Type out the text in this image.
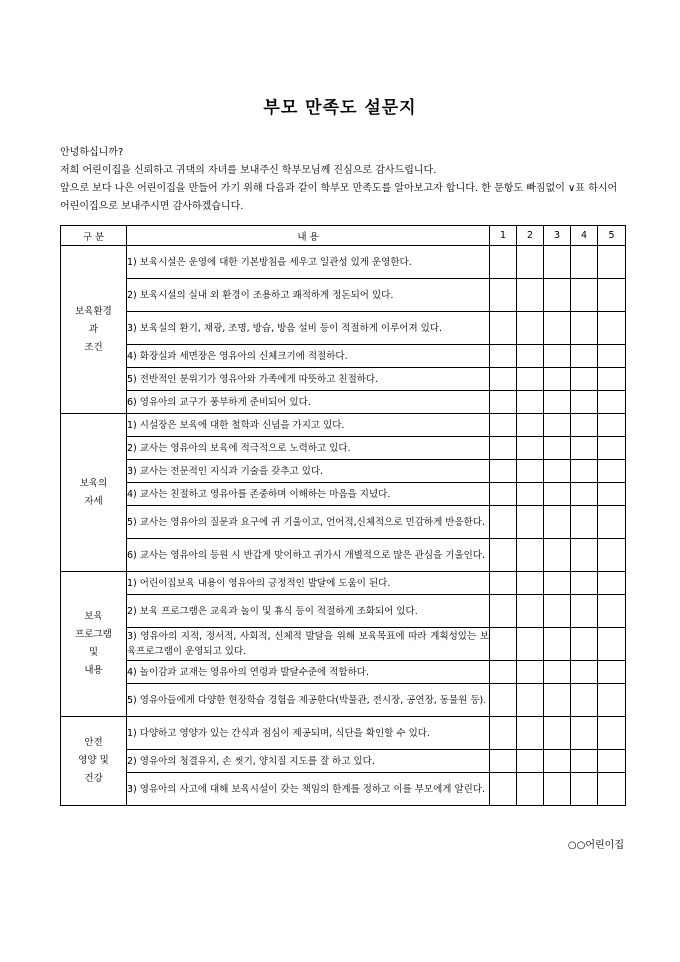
부모 만족도 설문지

안녕하십니까?

저희 어린이집을 신뢰하고 귀댁의 자녀를 보내주신 학부모님께 진심으로 감사드립니다.

앞으로 보다 나은 어린이집을 만들어 가기 위해 다음과 같이 학부모 만족도를 알아보고자 합니다. 한 문항도 빠짐없이 ∨표 하시어 어린이집으로 보내주시면 감사하겠습니다.

구 분	내 용	1	2	3	4	5
보육환경
과
조건	1) 보육시설은 운영에 대한 기본방침을 세우고 일관성 있게 운영한다.					
	2) 보육시설의 실내 외 환경이 조용하고 쾌적하게 정돈되어 있다.					
	3) 보육실의 환기, 채광, 조명, 방습, 방음 설비 등이 적절하게 이루어져 있다.					
	4) 화장실과 세면장은 영유아의 신체크기에 적절하다.					
	5) 전반적인 분위기가 영유아와 가족에게 따뜻하고 친절하다.					
	6) 영유아의 교구가 풍부하게 준비되어 있다.					
보육의
자세	1) 시설장은 보육에 대한 철학과 신념을 가지고 있다.					
	2) 교사는 영유아의 보육에 적극적으로 노력하고 있다.					
	3) 교사는 전문적인 지식과 기술을 갖추고 있다.					
	4) 교사는 친절하고 영유아를 존중하며 이해하는 마음을 지녔다.					
	5) 교사는 영유아의 질문과 요구에 귀 기울이고, 언어적,신체적으로 민감하게 반응한다.					
	6) 교사는 영유아의 등원 시 반갑게 맞이하고 귀가시 개별적으로 많은 관심을 기울인다.					
보육
프로그램
및
내용	1) 어린이집보육 내용이 영유아의 긍정적인 발달에 도움이 된다.					
	2) 보육 프로그램은 교육과 놀이 및 휴식 등이 적절하게 조화되어 있다.					
	3) 영유아의 지적, 정서적, 사회적, 신체적 발달을 위해 보육목표에 따라 계획성있는 보육프로그램이 운영되고 있다.					
	4) 놀이감과 교재는 영유아의 연령과 발달수준에 적합하다.					
	5) 영유아들에게 다양한 현장학습 경험을 제공한다(박물관, 전시장, 공연장, 동물원 등).					
안전
영양 및
건강	1) 다양하고 영양가 있는 간식과 점심이 제공되며, 식단을 확인할 수 있다.					
	2) 영유아의 청결유지, 손 씻기, 양치질 지도를 잘 하고 있다.					
	3) 영유아의 사고에 대해 보육시설이 갖는 책임의 한계를 정하고 이를 부모에게 알린다.					
○○어린이집
